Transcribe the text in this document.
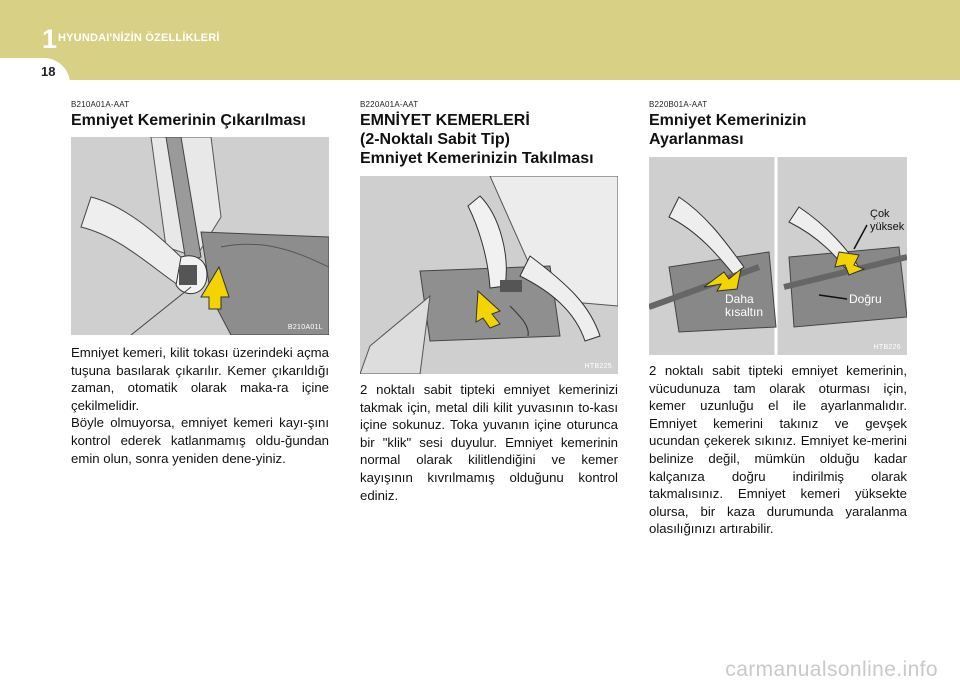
1 HYUNDAI'NİZİN ÖZELLİKLERİ
18
B210A01A-AAT
Emniyet Kemerinin Çıkarılması
B210A01L

Emniyet kemeri, kilit tokası üzerindeki açma tuşuna basılarak çıkarılır. Kemer çıkarıldığı zaman, otomatik olarak maka-ra içine çekilmelidir.

Böyle olmuyorsa, emniyet kemeri kayı-şını kontrol ederek katlanmamış oldu-ğundan emin olun, sonra yeniden dene-yiniz.

B220A01A-AAT
EMNİYET KEMERLERİ
(2-Noktalı Sabit Tip)
Emniyet Kemerinizin Takılması
HTB225

2 noktalı sabit tipteki emniyet kemerinizi takmak için, metal dili kilit yuvasının to-kası içine sokunuz. Toka yuvanın içine oturunca bir "klik" sesi duyulur. Emniyet kemerinin normal olarak kilitlendiğini ve kemer kayışının kıvrılmamış olduğunu kontrol ediniz.

B220B01A-AAT
Emniyet Kemerinizin
Ayarlanması
Çok
yüksek
Daha
kısaltın
Doğru
HTB226

2 noktalı sabit tipteki emniyet kemerinin, vücudunuza tam olarak oturması için, kemer uzunluğu el ile ayarlanmalıdır. Emniyet kemerini takınız ve gevşek ucundan çekerek sıkınız. Emniyet ke-merini belinize değil, mümkün olduğu kadar kalçanıza doğru indirilmiş olarak takmalısınız. Emniyet kemeri yüksekte olursa, bir kaza durumunda yaralanma olasılığınızı artırabilir.

carmanualsonline.info
